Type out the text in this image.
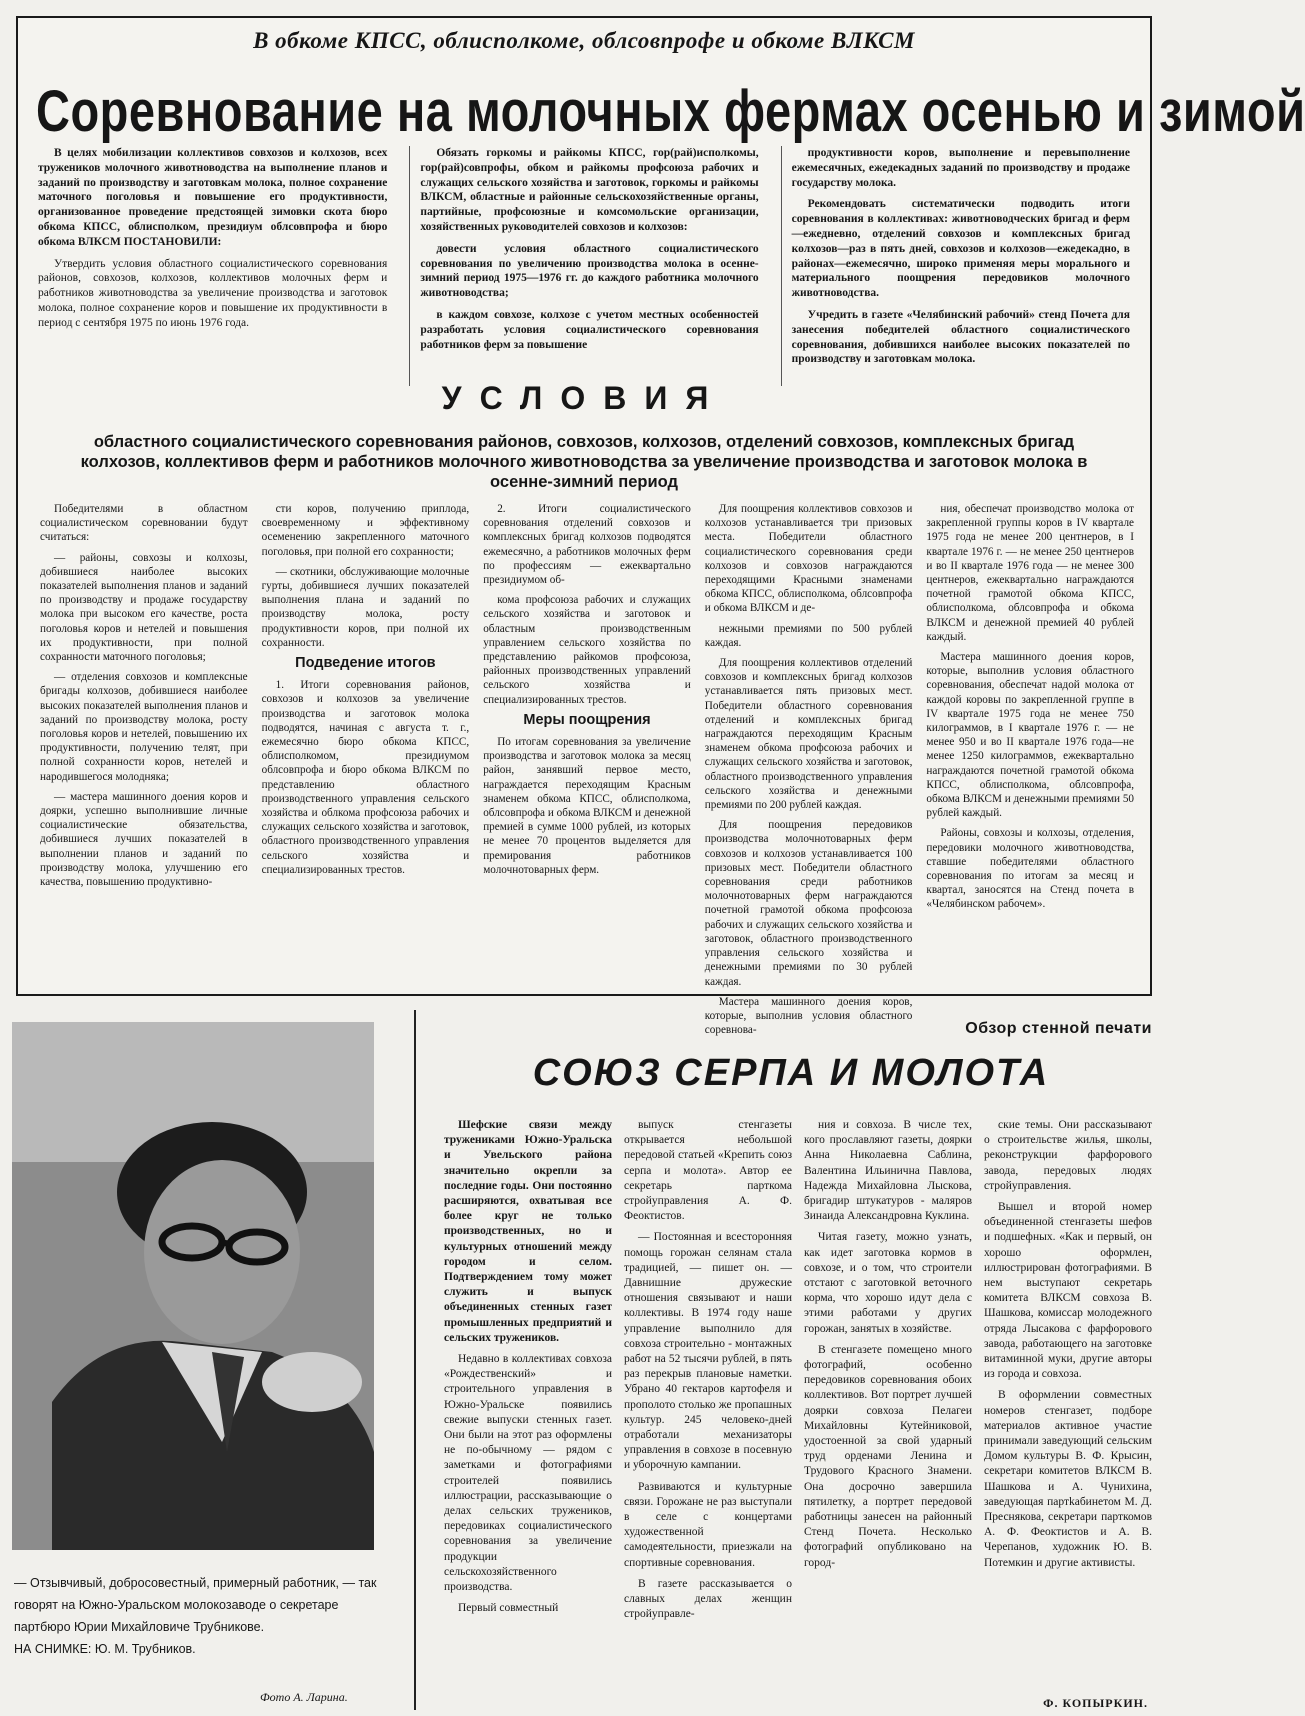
В обкоме КПСС, облисполкоме, облсовпрофе и обкоме ВЛКСМ
Соревнование на молочных фермах осенью и зимой

В целях мобилизации коллективов совхозов и колхозов, всех тружеников молочного животноводства на выполнение планов и заданий по производству и заготовкам молока, полное сохранение маточного поголовья и повышение его продуктивности, организованное проведение предстоящей зимовки скота бюро обкома КПСС, облисполком, президиум облсовпрофа и бюро обкома ВЛКСМ ПОСТАНОВИЛИ:

Утвердить условия областного социалистического соревнования районов, совхозов, колхозов, коллективов молочных ферм и работников животноводства за увеличение производства и заготовок молока, полное сохранение коров и повышение их продуктивности в период с сентября 1975 по июнь 1976 года.

Обязать горкомы и райкомы КПСС, гор(рай)исполкомы, гор(рай)совпрофы, обком и райкомы профсоюза рабочих и служащих сельского хозяйства и заготовок, горкомы и райкомы ВЛКСМ, областные и районные сельскохозяйственные органы, партийные, профсоюзные и комсомольские организации, хозяйственных руководителей совхозов и колхозов:

довести условия областного социалистического соревнования по увеличению производства молока в осенне-зимний период 1975—1976 гг. до каждого работника молочного животноводства;

в каждом совхозе, колхозе с учетом местных особенностей разработать условия социалистического соревнования работников ферм за повышение

продуктивности коров, выполнение и перевыполнение ежемесячных, ежедекадных заданий по производству и продаже государству молока.

Рекомендовать систематически подводить итоги соревнования в коллективах: животноводческих бригад и ферм—ежедневно, отделений совхозов и комплексных бригад колхозов—раз в пять дней, совхозов и колхозов—ежедекадно, в районах—ежемесячно, широко применяя меры морального и материального поощрения передовиков молочного животноводства.

Учредить в газете «Челябинский рабочий» стенд Почета для занесения победителей областного социалистического соревнования, добившихся наиболее высоких показателей по производству и заготовкам молока.

УСЛОВИЯ
областного социалистического соревнования районов, совхозов, колхозов, отделений совхозов, комплексных бригад колхозов, коллективов ферм и работников молочного животноводства за увеличение производства и заготовок молока в осенне-зимний период

Победителями в областном социалистическом соревновании будут считаться:

— районы, совхозы и колхозы, добившиеся наиболее высоких показателей выполнения планов и заданий по производству и продаже государству молока при высоком его качестве, роста поголовья коров и нетелей и повышения их продуктивности, при полной сохранности маточного поголовья;

— отделения совхозов и комплексные бригады колхозов, добившиеся наиболее высоких показателей выполнения планов и заданий по производству молока, росту поголовья коров и нетелей, повышению их продуктивности, получению телят, при полной сохранности коров, нетелей и народившегося молодняка;

— мастера машинного доения коров и доярки, успешно выполнившие личные социалистические обязательства, добившиеся лучших показателей в выполнении планов и заданий по производству молока, улучшению его качества, повышению продуктивно-

сти коров, получению приплода, своевременному и эффективному осеменению закрепленного маточного поголовья, при полной его сохранности;

— скотники, обслуживающие молочные гурты, добившиеся лучших показателей выполнения плана и заданий по производству молока, росту продуктивности коров, при полной их сохранности.

Подведение итогов

1. Итоги соревнования районов, совхозов и колхозов за увеличение производства и заготовок молока подводятся, начиная с августа т. г., ежемесячно бюро обкома КПСС, облисполкомом, президиумом облсовпрофа и бюро обкома ВЛКСМ по представлению областного производственного управления сельского хозяйства и облкома профсоюза рабочих и служащих сельского хозяйства и заготовок, областного производственного управления сельского хозяйства и специализированных трестов.

2. Итоги социалистического соревнования отделений совхозов и комплексных бригад колхозов подводятся ежемесячно, а работников молочных ферм по профессиям — ежеквартально президиумом об-

кома профсоюза рабочих и служащих сельского хозяйства и заготовок и областным производственным управлением сельского хозяйства по представлению райкомов профсоюза, районных производственных управлений сельского хозяйства и специализированных трестов.

Меры поощрения

По итогам соревнования за увеличение производства и заготовок молока за месяц район, занявший первое место, награждается переходящим Красным знаменем обкома КПСС, облисполкома, облсовпрофа и обкома ВЛКСМ и денежной премией в сумме 1000 рублей, из которых не менее 70 процентов выделяется для премирования работников молочнотоварных ферм.

Для поощрения коллективов совхозов и колхозов устанавливается три призовых места. Победители областного социалистического соревнования среди колхозов и совхозов награждаются переходящими Красными знаменами обкома КПСС, облисполкома, облсовпрофа и обкома ВЛКСМ и де-

нежными премиями по 500 рублей каждая.

Для поощрения коллективов отделений совхозов и комплексных бригад колхозов устанавливается пять призовых мест. Победители областного соревнования отделений и комплексных бригад награждаются переходящим Красным знаменем обкома профсоюза рабочих и служащих сельского хозяйства и заготовок, областного производственного управления сельского хозяйства и денежными премиями по 200 рублей каждая.

Для поощрения передовиков производства молочнотоварных ферм совхозов и колхозов устанавливается 100 призовых мест. Победители областного соревнования среди работников молочнотоварных ферм награждаются почетной грамотой обкома профсоюза рабочих и служащих сельского хозяйства и заготовок, областного производственного управления сельского хозяйства и денежными премиями по 30 рублей каждая.

Мастера машинного доения коров, которые, выполнив условия областного соревнова-

ния, обеспечат производство молока от закрепленной группы коров в IV квартале 1975 года не менее 200 центнеров, в I квартале 1976 г. — не менее 250 центнеров и во II квартале 1976 года — не менее 300 центнеров, ежеквартально награждаются почетной грамотой обкома КПСС, облисполкома, облсовпрофа и обкома ВЛКСМ и денежной премией 40 рублей каждый.

Мастера машинного доения коров, которые, выполнив условия областного соревнования, обеспечат надой молока от каждой коровы по закрепленной группе в IV квартале 1975 года не менее 750 килограммов, в I квартале 1976 г. — не менее 950 и во II квартале 1976 года—не менее 1250 килограммов, ежеквартально награждаются почетной грамотой обкома КПСС, облисполкома, облсовпрофа, обкома ВЛКСМ и денежными премиями 50 рублей каждый.

Районы, совхозы и колхозы, отделения, передовики молочного животноводства, ставшие победителями областного соревнования по итогам за месяц и квартал, заносятся на Стенд почета в «Челябинском рабочем».

— Отзывчивый, добросовестный, примерный работник, — так говорят на Южно-Уральском молокозаводе о секретаре партбюро Юрии Михайловиче Трубникове.

НА СНИМКЕ: Ю. М. Трубников.

Фото А. Ларина.
Обзор стенной печати
СОЮЗ СЕРПА И МОЛОТА

Шефские связи между тружениками Южно-Уральска и Увельского района значительно окрепли за последние годы. Они постоянно расширяются, охватывая все более круг не только производственных, но и культурных отношений между городом и селом. Подтверждением тому может служить и выпуск объединенных стенных газет промышленных предприятий и сельских тружеников.

Недавно в коллективах совхоза «Рождественский» и строительного управления в Южно-Уральске появились свежие выпуски стенных газет. Они были на этот раз оформлены не по-обычному — рядом с заметками и фотографиями строителей появились иллюстрации, рассказывающие о делах сельских тружеников, передовиках социалистического соревнования за увеличение продукции сельскохозяйственного производства.

Первый совместный

выпуск стенгазеты открывается небольшой передовой статьей «Крепить союз серпа и молота». Автор ее секретарь парткома стройуправления А. Ф. Феоктистов.

— Постоянная и всесторонняя помощь горожан селянам стала традицией, — пишет он. — Давнишние дружеские отношения связывают и наши коллективы. В 1974 году наше управление выполнило для совхоза строительно - монтажных работ на 52 тысячи рублей, в пять раз перекрыв плановые наметки. Убрано 40 гектаров картофеля и прополото столько же пропашных культур. 245 человеко-дней отработали механизаторы управления в совхозе в посевную и уборочную кампании.

Развиваются и культурные связи. Горожане не раз выступали в селе с концертами художественной самодеятельности, приезжали на спортивные соревнования.

В газете рассказывается о славных делах женщин стройуправле-

ния и совхоза. В числе тех, кого прославляют газеты, доярки Анна Николаевна Саблина, Валентина Ильинична Павлова, Надежда Михайловна Лыскова, бригадир штукатуров - маляров Зинаида Александровна Куклина.

Читая газету, можно узнать, как идет заготовка кормов в совхозе, и о том, что строители отстают с заготовкой веточного корма, что хорошо идут дела с этими работами у других горожан, занятых в хозяйстве.

В стенгазете помещено много фотографий, особенно передовиков соревнования обоих коллективов. Вот портрет лучшей доярки совхоза Пелагеи Михайловны Кутейниковой, удостоенной за свой ударный труд орденами Ленина и Трудового Красного Знамени. Она досрочно завершила пятилетку, а портрет передовой работницы занесен на районный Стенд Почета. Несколько фотографий опубликовано на город-

ские темы. Они рассказывают о строительстве жилья, школы, реконструкции фарфорового завода, передовых людях стройуправления.

Вышел и второй номер объединенной стенгазеты шефов и подшефных. «Как и первый, он хорошо оформлен, иллюстрирован фотографиями. В нем выступают секретарь комитета ВЛКСМ совхоза В. Шашкова, комиссар молодежного отряда Лысакова с фарфорового завода, работающего на заготовке витаминной муки, другие авторы из города и совхоза.

В оформлении совместных номеров стенгазет, подборе материалов активное участие принимали заведующий сельским Домом культуры В. Ф. Крысин, секретари комитетов ВЛКСМ В. Шашкова и А. Чунихина, заведующая партkабинетом М. Д. Преснякова, секретари парткомов А. Ф. Феоктистов и А. В. Черепанов, художник Ю. В. Потемкин и другие активисты.

Ф. КОПЫРКИН.
